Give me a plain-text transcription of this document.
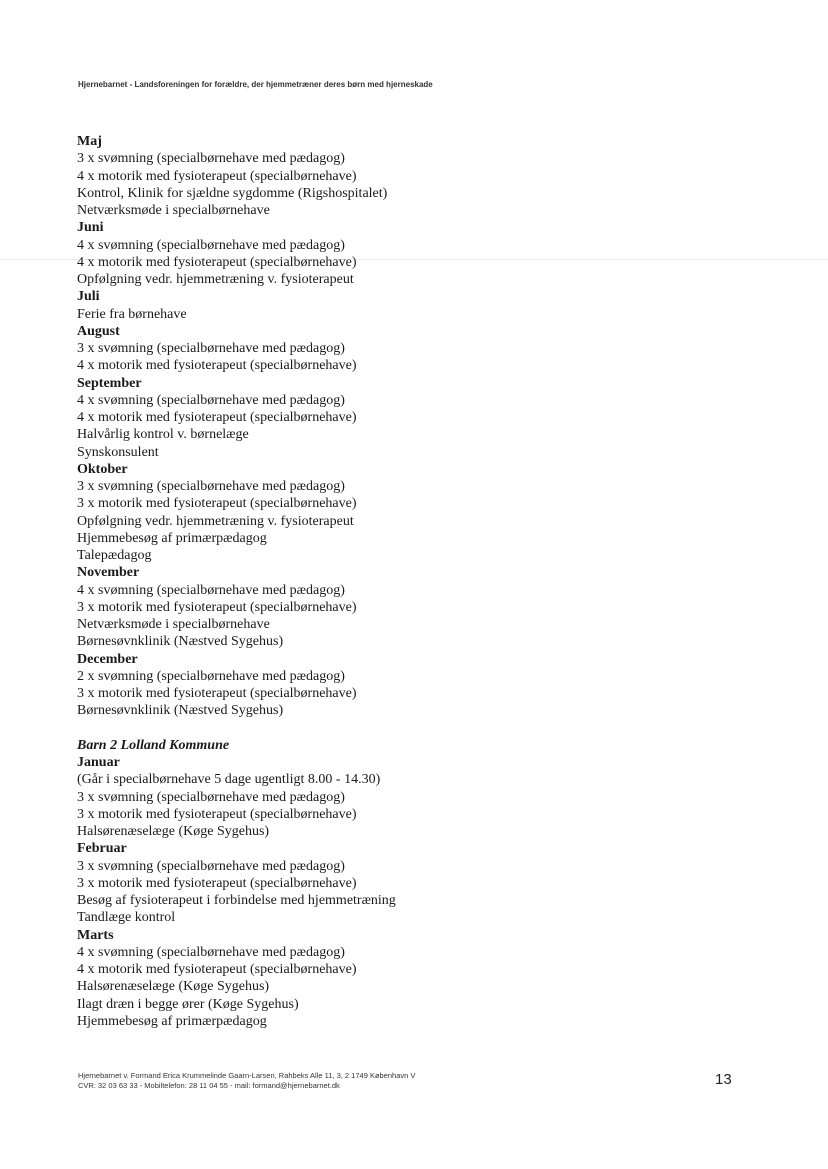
Hjernebarnet - Landsforeningen for forældre, der hjemmetræner deres børn med hjerneskade
Maj
3 x svømning (specialbørnehave med pædagog)
4 x motorik med fysioterapeut (specialbørnehave)
Kontrol, Klinik for sjældne sygdomme (Rigshospitalet)
Netværksmøde i specialbørnehave
Juni
4 x svømning (specialbørnehave med pædagog)
4 x motorik med fysioterapeut (specialbørnehave)
Opfølgning vedr. hjemmetræning v. fysioterapeut
Juli
Ferie fra børnehave
August
3 x svømning (specialbørnehave med pædagog)
4 x motorik med fysioterapeut (specialbørnehave)
September
4 x svømning (specialbørnehave med pædagog)
4 x motorik med fysioterapeut (specialbørnehave)
Halvårlig kontrol v. børnelæge
Synskonsulent
Oktober
3 x svømning (specialbørnehave med pædagog)
3 x motorik med fysioterapeut (specialbørnehave)
Opfølgning vedr. hjemmetræning v. fysioterapeut
Hjemmebesøg af primærpædagog
Talepædagog
November
4 x svømning (specialbørnehave med pædagog)
3 x motorik med fysioterapeut (specialbørnehave)
Netværksmøde i specialbørnehave
Børnesøvnklinik (Næstved Sygehus)
December
2 x svømning (specialbørnehave med pædagog)
3 x motorik med fysioterapeut (specialbørnehave)
Børnesøvnklinik (Næstved Sygehus)
Barn 2 Lolland Kommune
Januar
(Går i specialbørnehave 5 dage ugentligt 8.00 - 14.30)
3 x svømning (specialbørnehave med pædagog)
3 x motorik med fysioterapeut (specialbørnehave)
Halsørenæselæge (Køge Sygehus)
Februar
3 x svømning (specialbørnehave med pædagog)
3 x motorik med fysioterapeut (specialbørnehave)
Besøg af fysioterapeut i forbindelse med hjemmetræning
Tandlæge kontrol
Marts
4 x svømning (specialbørnehave med pædagog)
4 x motorik med fysioterapeut (specialbørnehave)
Halsørenæselæge (Køge Sygehus)
Ilagt dræn i begge ører (Køge Sygehus)
Hjemmebesøg af primærpædagog
Hjernebarnet v. Formand Erica Krummelinde Gaarn-Larsen, Rahbeks Alle 11, 3, 2 1749 København V
CVR: 32 03 63 33 - Mobiltelefon: 28 11 04 55 - mail: formand@hjernebarnet.dk	13
